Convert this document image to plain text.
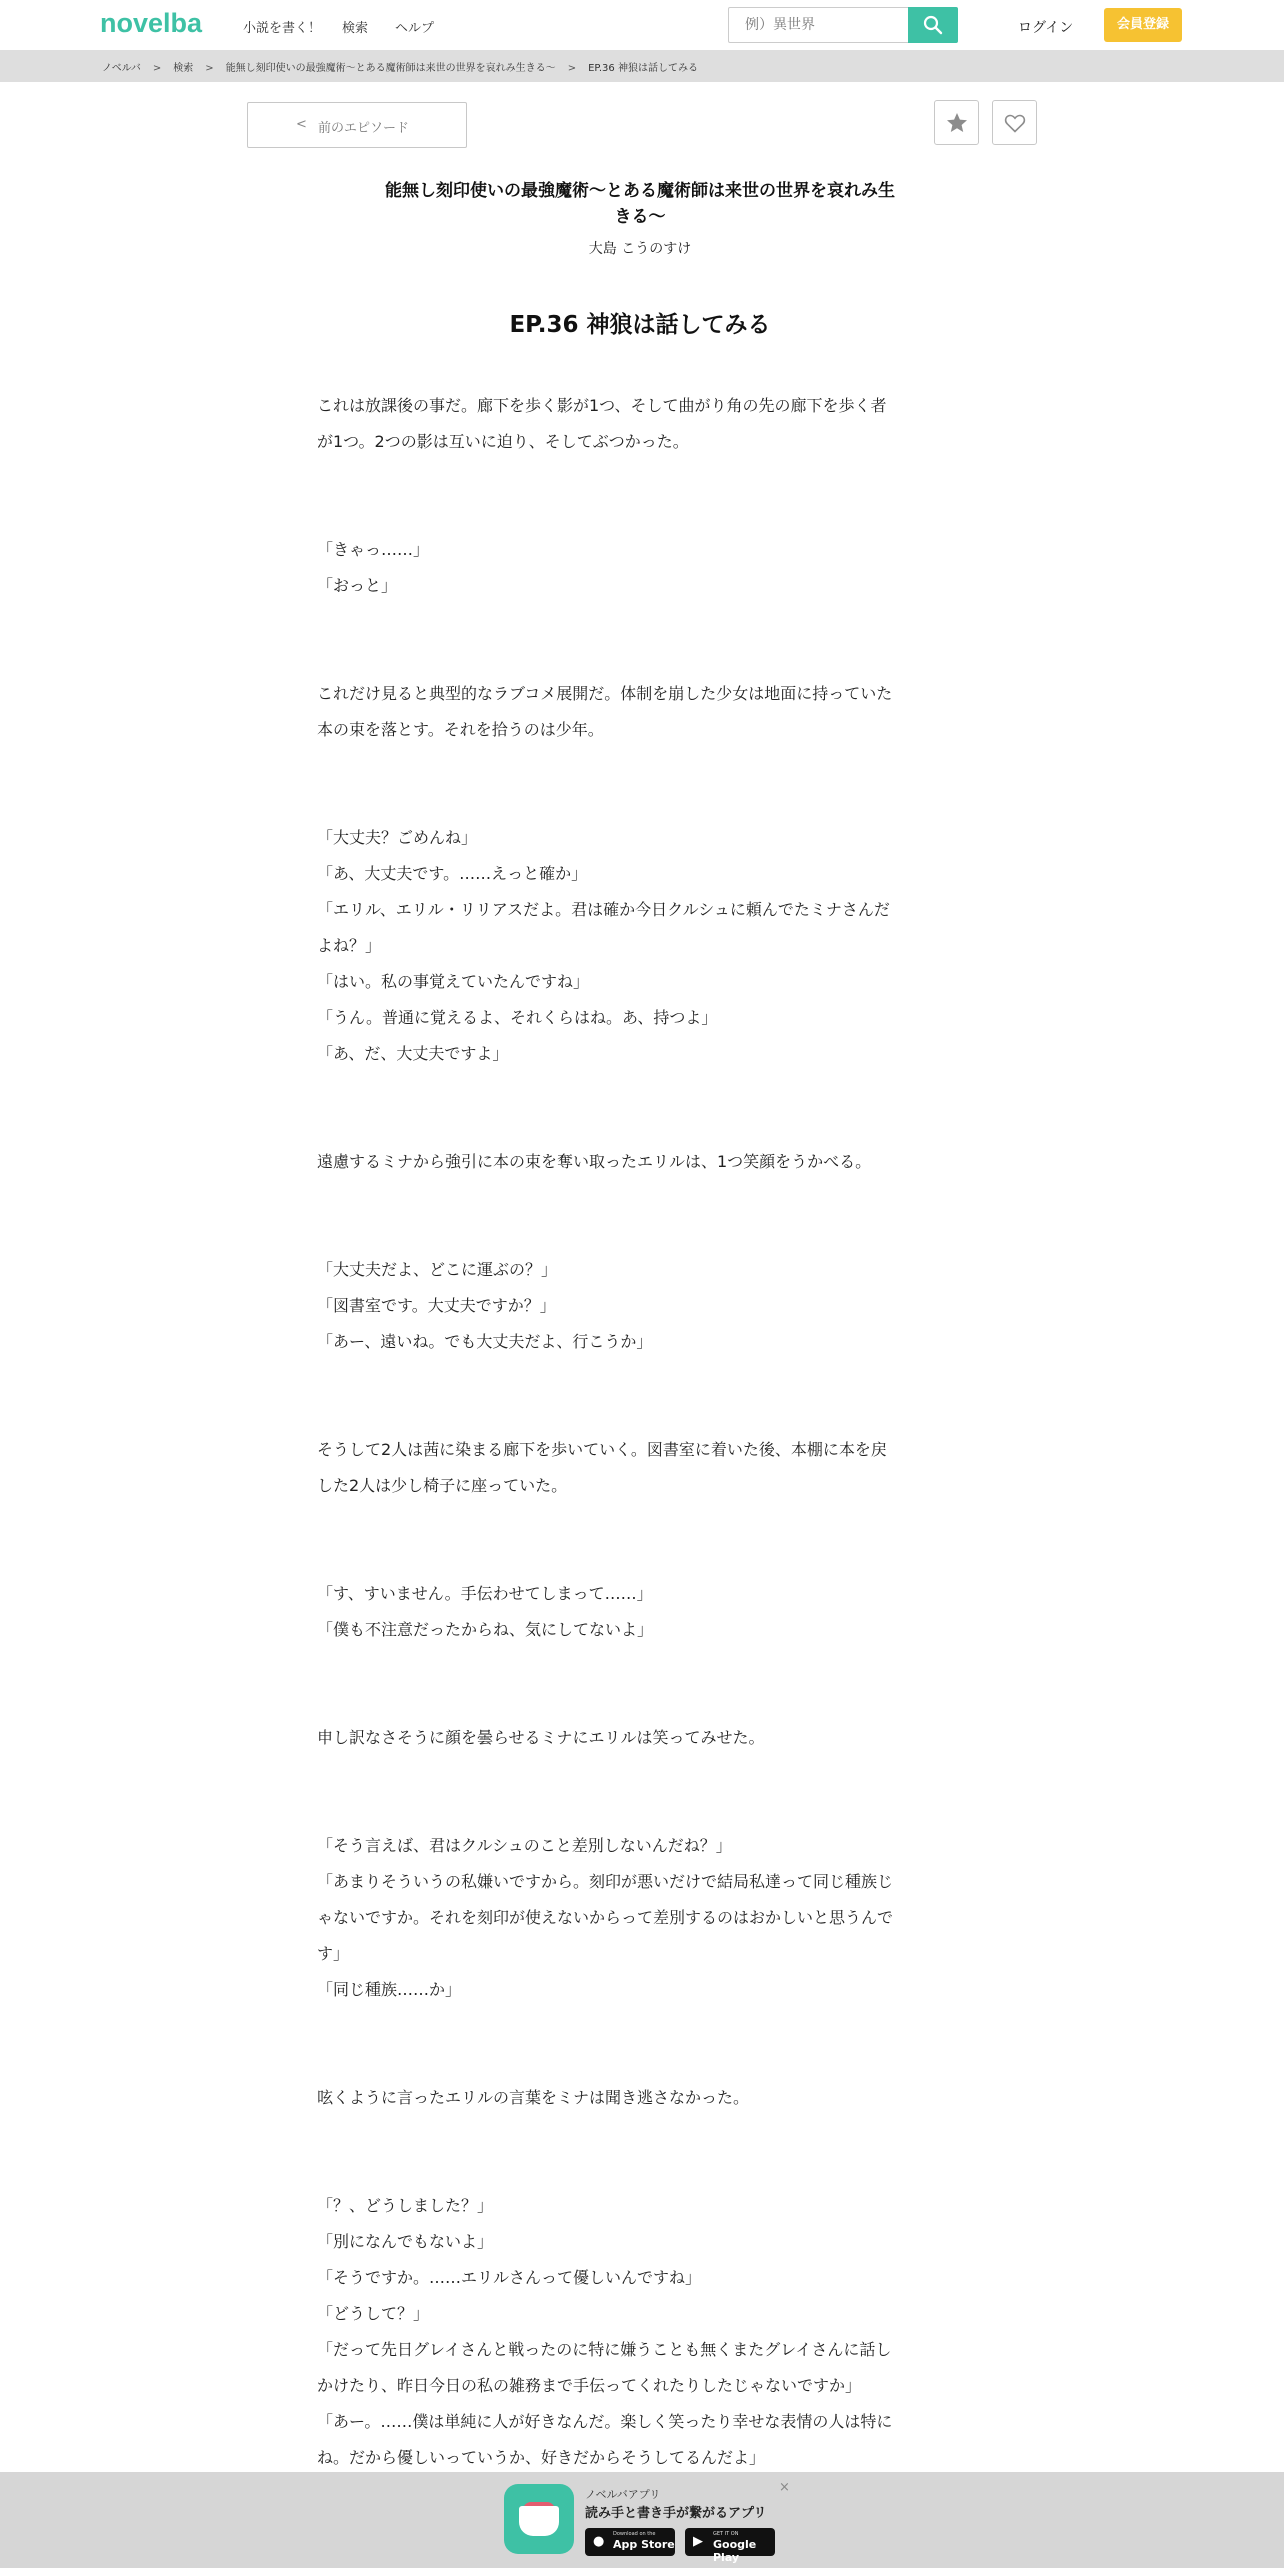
novelba	小説を書く！ 検索 ヘルプ
例）異世界	ログイン	会員登録
ノベルバ > 検索 > 能無し刻印使いの最強魔術〜とある魔術師は来世の世界を哀れみ生きる〜 > EP.36 神狼は話してみる
< 前のエピソード
能無し刻印使いの最強魔術〜とある魔術師は来世の世界を哀れみ生
きる〜
大島 こうのすけ
EP.36 神狼は話してみる

これは放課後の事だ。廊下を歩く影が1つ、そして曲がり角の先の廊下を歩く者

が1つ。2つの影は互いに迫り、そしてぶつかった。

「きゃっ……」

「おっと」

これだけ見ると典型的なラブコメ展開だ。体制を崩した少女は地面に持っていた

本の束を落とす。それを拾うのは少年。

「大丈夫？ごめんね」

「あ、大丈夫です。……えっと確か」

「エリル、エリル・リリアスだよ。君は確か今日クルシュに頼んでたミナさんだ

よね？」

「はい。私の事覚えていたんですね」

「うん。普通に覚えるよ、それくらはね。あ、持つよ」

「あ、だ、大丈夫ですよ」

遠慮するミナから強引に本の束を奪い取ったエリルは、1つ笑顔をうかべる。

「大丈夫だよ、どこに運ぶの？」

「図書室です。大丈夫ですか？」

「あー、遠いね。でも大丈夫だよ、行こうか」

そうして2人は茜に染まる廊下を歩いていく。図書室に着いた後、本棚に本を戻

した2人は少し椅子に座っていた。

「す、すいません。手伝わせてしまって……」

「僕も不注意だったからね、気にしてないよ」

申し訳なさそうに顔を曇らせるミナにエリルは笑ってみせた。

「そう言えば、君はクルシュのこと差別しないんだね？」

「あまりそういうの私嫌いですから。刻印が悪いだけで結局私達って同じ種族じ

ゃないですか。それを刻印が使えないからって差別するのはおかしいと思うんで

す」

「同じ種族……か」

呟くように言ったエリルの言葉をミナは聞き逃さなかった。

「？、どうしました？」

「別になんでもないよ」

「そうですか。……エリルさんって優しいんですね」

「どうして？」

「だって先日グレイさんと戦ったのに特に嫌うことも無くまたグレイさんに話し

かけたり、昨日今日の私の雑務まで手伝ってくれたりしたじゃないですか」

「あー。……僕は単純に人が好きなんだ。楽しく笑ったり幸せな表情の人は特に

ね。だから優しいっていうか、好きだからそうしてるんだよ」

ノベルバアプリ
読み手と書き手が繋がるアプリ
● Download on the
App Store ▶ GET IT ON
Google Play
×
